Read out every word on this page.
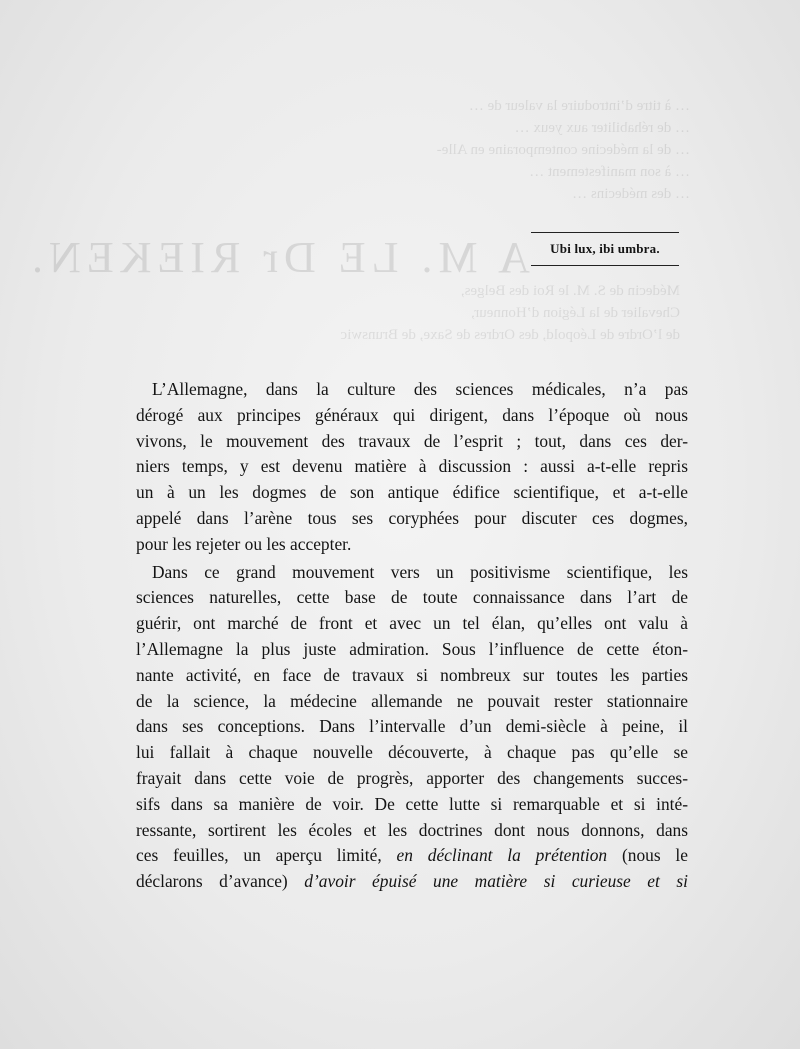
… à titre d’introduire la valeur de …
… de réhabiliter aux yeux …
… de la médecine contemporaine en Alle-
… à son manifestement …
… des médecins …
A M. LE Dr RIEKEN.
Médecin de S. M. le Roi des Belges,
Chevalier de la Légion d’Honneur,
de l’Ordre de Léopold, des Ordres de Saxe, de Brunswic
Ubi lux, ibi umbra.

L’Allemagne, dans la culture des sciences médicales, n’a pas
dérogé aux principes généraux qui dirigent, dans l’époque où nous
vivons, le mouvement des travaux de l’esprit ; tout, dans ces der-
niers temps, y est devenu matière à discussion : aussi a-t-elle repris
un à un les dogmes de son antique édifice scientifique, et a-t-elle
appelé dans l’arène tous ses coryphées pour discuter ces dogmes,
pour les rejeter ou les accepter.

Dans ce grand mouvement vers un positivisme scientifique, les
sciences naturelles, cette base de toute connaissance dans l’art de
guérir, ont marché de front et avec un tel élan, qu’elles ont valu à
l’Allemagne la plus juste admiration. Sous l’influence de cette éton-
nante activité, en face de travaux si nombreux sur toutes les parties
de la science, la médecine allemande ne pouvait rester stationnaire
dans ses conceptions. Dans l’intervalle d’un demi-siècle à peine, il
lui fallait à chaque nouvelle découverte, à chaque pas qu’elle se
frayait dans cette voie de progrès, apporter des changements succes-
sifs dans sa manière de voir. De cette lutte si remarquable et si inté-
ressante, sortirent les écoles et les doctrines dont nous donnons, dans
ces feuilles, un aperçu limité, en déclinant la prétention (nous le
déclarons d’avance) d’avoir épuisé une matière si curieuse et si
